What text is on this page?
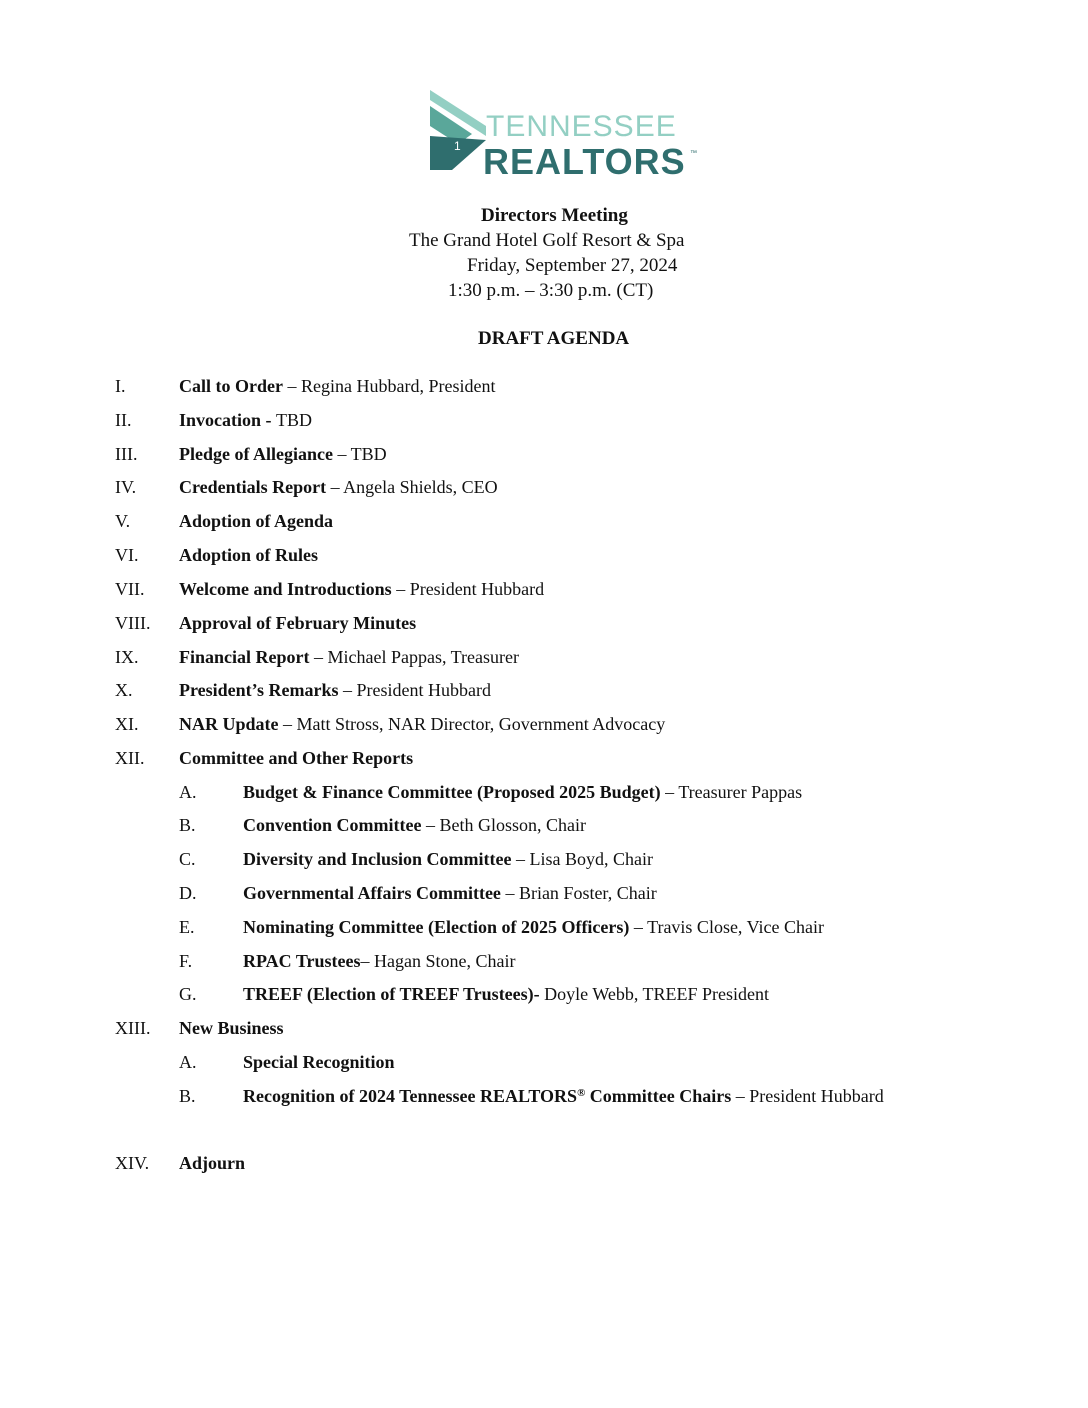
1
TENNESSEE
REALTORS ™
Directors Meeting
The Grand Hotel Golf Resort & Spa
Friday, September 27, 2024
1:30 p.m. – 3:30 p.m. (CT)
DRAFT AGENDA
I.	Call to Order – Regina Hubbard, President
II.	Invocation - TBD
III. Pledge of Allegiance – TBD
IV. Credentials Report – Angela Shields, CEO
V.	Adoption of Agenda
VI. Adoption of Rules
VII. Welcome and Introductions – President Hubbard
VIII. Approval of February Minutes
IX. Financial Report – Michael Pappas, Treasurer
X.	President’s Remarks – President Hubbard
XI. NAR Update – Matt Stross, NAR Director, Government Advocacy
XII. Committee and Other Reports
A.	Budget & Finance Committee (Proposed 2025 Budget) – Treasurer Pappas
B.	Convention Committee – Beth Glosson, Chair
C.	Diversity and Inclusion Committee – Lisa Boyd, Chair
D.	Governmental Affairs Committee – Brian Foster, Chair
E.	Nominating Committee (Election of 2025 Officers) – Travis Close, Vice Chair
F.	RPAC Trustees– Hagan Stone, Chair
G.	TREEF (Election of TREEF Trustees)- Doyle Webb, TREEF President
XIII. New Business
A.	Special Recognition
B.	Recognition of 2024 Tennessee REALTORS® Committee Chairs – President Hubbard
XIV. Adjourn
